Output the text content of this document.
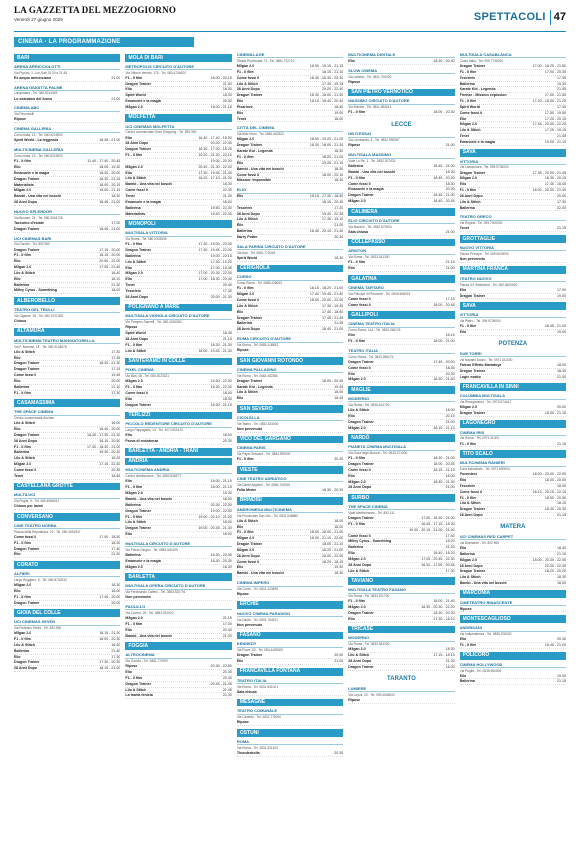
LA GAZZETTA DEL MEZZOGIORNO
Venerdì 27 giugno 2025	SPETTACOLI 47
CINEMA - LA PROGRAMMAZIONE
BARI
ARENA ARRICCIOLOTTI
Via Pupino, 1. Lun-Sab 20.00 e 21.45
Ex aequo annunciano	21.00
ARENA GIUDITTA PALME
Lungomare - Tel. 080.5214363
Lo scarabeo del fuoco	21.00
CINEMA ABC
Via Pavoncelli
Ripose
CINEMA GALLERIA
Corso Italia, 15 - Tel. 080.5216900
Spirit World - La leggenda	18.45 - 21.00
MULTICINEMA GALLERIA
Corso Italia, 15 - Tel. 080.5216900
F1 - Il film	11.40 - 17.40 - 20.45
Elio	18.05 - 19.30
Emanuele e la magia	18.30 - 20.00
Dragon Trainer	18.30 - 21.15
Materialists	18.00 - 20.15
M3gan 2.0	19.00 - 21.15
Bambi - Una vita nei boschi	18.30
28 Anni Dopo	18.45 - 21.00
NUOVO SPLENDOR
Via Buccari, 24 - Tel. 080.5016725
Taccuino d'estate	17.00
Dragon Trainer	18.45 - 21.00
UCI CINEMAS BARI
Via Gandhi - Tel. 892.960
Dragon Trainer	17.15 - 20.00
F1 - Il film	18.15 - 20.00
Elio	20.50 - 22.00
M3gan 2.0	17.05 - 21.45
Lilo & Stitch	16.40
Elio	18.10
Ballerina	21.30
Milley Cyrus - Something	18.00
ALBEROBELLO
TEATRO DEL TRULLI
Via Gigante, 18 - Tel. 080.9721362
Chiuso
ALTAMURA
MULTICINEMA TEATRO MANGIATORELLA
Via F. Manzari, 14 - Tel. 080.3148475
Lilo & Stitch	17.30
Elio	17.45
Dragon Trainer	18.30 - 21.30
Dragon Trainer	17.15
Come fossi lì	19.45
Elio	20.00
Ballerina	21.10
F1 - Il film	17.30
CASAMASSIMA
THE SPACE CINEMA
Centro commerciale Auchan
Lilo & Stitch	16.00
Elio	16.40 - 20.00
Dragon Trainer	18.45 - 17.30 - 21.30
28 Anni Dopo	18.15 - 20.50
F1 - Il film	17.30 - 18.30 - 21.00
Ballerina	19.30 - 20.30
Lilo & Stitch	16.25
M3gan 2.0	17.15 - 22.30
Come fossi lì	20.45
Tenet	18.45
CASTELLANA GROTTE
MULTILUCI
Via Puglia, 9 - Tel. 080.4968431
Chiuso per lavori
CONVERSANO
CINE TEATRO NORBA
Piazza della Repubblica, 29 - Tel. 080.4951947
Come fossi lì	17.00 - 18.50
F1 - Il film	18.30
Dragon Trainer	17.40
Elio	21.30
CORATO
ALFIERI
Largo Ruggiero, 8 - Tel. 080.8732534
M3gan 2.0	18.30
Elio	16.00
F1 - Il film	17.45 - 20.00
Dragon Trainer	20.00
GIOIA DEL COLLE
UCI CINEMAS SEVEN
Via Federico Fellini - Tel. 892.960
M3gan 2.0	18.15 - 21.30
F1 - Il film	18.00 - 20.30
Lilo & Stitch	16.30
Ballerina	21.40
Elio	17.30
Dragon Trainer	17.30 - 20.30
28 Anni Dopo	18.15 - 21.00
MOLA DI BARI
METROPOLIS CIRCUITO D'AUTORE
Via Vittorio Veneto, 176 - Tel. 080.4734620
F1 - Il film	18.00 - 20.15
Dragon Trainer	21.00
Elio	18.30
Spirit World	18.30
Emanuele e la magia	20.30
M3gan 2.0	18.00 - 21.15
MOLFETTA
UCI CINEMAS MOLFETTA
Centro commerciale Gran Shopping - Tel. 892.960
Elio	16.40 - 17.40 - 18.50
28 Anni Dopo	20.00 - 22.40
Dragon Trainer	16.30 - 17.00 - 18.25
F1 - Il film	19.20 - 21.30 - 22.10
19.00 - 20.30
M3gan 2.0	20.40 - 21.30 - 22.00
Elio	17.30 - 19.45 - 21.40
Lilo & Stitch	16.20 - 17.10 - 21.00
Bambi - Una vita nei boschi	18.30
Come fossi lì	22.30
Tenet	21.30
Emanuele e la magia	18.00
Ballerina	19.50 - 22.30
Materialists	19.40 - 22.30
MONOPOLI
MULTISALA VITTORIA
Via Roma - Tel. 080.9303535
F1 - Il film	17.30 - 19.00 - 20.00
Dragon Trainer	17.30 - 19.45 - 22.00
Ballerina	19.00 - 22.15
Lilo & Stitch	17.30 - 19.20
Elio	17.00 - 19.45
M3gan 2.0	17.00 - 20.30 - 22.00
Elio	17.00 - 18.30 - 20.40
Tenet	20.40
Tesoriele	17.30
28 Anni Dopo	20.00 - 21.30
POLIGNANO A MARE
MULTISALA VIGNOLA CIRCUITO D'AUTORE
Via Pompeo Sarnelli - Tel. 080.4240083
Ripose
Spirit World	18.45
28 Anni Dopo	21.15
F1 - Il film	18.30 - 21.30
Lilo & Stitch	18.00 - 19.45 - 21.30
SANTERAMO IN COLLE
PIXEL CINEMA
Via Bari, 48 - Tel. 080.3023321
M3gan 2.0	19.30 - 22.00
F1 - Il film	18.30 - 22.30
Come fossi lì	18.00
Elio	18.30
Dragon Trainer	18.30 - 21.15
TERLIZZI
PICCOLO REDENTORE CIRCUITO D'AUTORE
Largo Pappagallo, 13 - Tel. 347.0301670
Elio	18.00
Prova di resistenza	20.30
BARLETTA - ANDRIA - TRANI
ANDRIA
MULTICINEMA ANDRIA
Centro distribuzione - Tel. 0883.545577
Elio	18.00 - 21.15
F1 - Il film	18.00 - 21.15
M3gan 2.0	19.30
Bambi - Una vita nei boschi	18.30
Ballerina	20.30 - 22.30
Dragon Trainer	19.00 - 22.30
F1 - Il film	19.00 - 20.10 - 21.00
Lilo & Stitch	18.00
Dragon Trainer	19.00 - 20.45 - 21.30
Elio	18.00
MULTISALA CIRCUITO D'AUTORE
Via Flavio Giugno - Tel. 0883.540109
Ballerina	18.30 - 20.00
Emanuele e la magia	18.30 - 20.30
M3gan 2.0	18.30
BARLETTA
MULTISALA OPERA CIRCUITO D'AUTORE
Via Ferdinando Cafiero - Tel. 0883.520791
Non pervenuto
PAOLILLO
Via Cavour, 29 - Tel. 0883.531922
M3gan 2.0	21.15
F1 - Il film	17.00
Elio	20.30
Bambi - Una vita nei boschi	21.00
FOGGIA
ALTROCINEMA
Via Gorizia - Tel. 0881.779097
Ripose	20.30 - 22.50
Elio	20.30
F1 - Il film	20.30
Dragon Trainer	20.45 - 21.45
Lilo & Stitch	21.45
La trama fenicia	22.30
CINEMILLAGE
Strada Provinciale 73 - Tel. 0881.722710
M3gan 2.0	18.50 - 19.15 - 21.15
F1 - Il film	18.15 - 21.10
Come fossi lì	18.40 - 18.30 - 20.30
Lilo & Stitch	17.30 - 19.15
28 Anni Dopo	20.20 - 22.40
Dragon Trainer	18.30 - 18.00 - 21.30
Elio	18.15 - 18.40 - 20.40
Pixarlove	18.40
Elio	19.00
Tenet	18.00
CITTÀ DEL CINEMA
Via Aldo Moro - Tel. 0881.662523
M3gan 2.0	18.50 - 19.20 - 21.20
Dragon Trainer	18.30 - 18.00 - 21.30
Karate Kid - Legends	18.30
F1 - Il film	18.20 - 21.00
Elio	19.25 - 21.15
Bambi - Una vita nei boschi	18.30
Come fossi lì	18.00 - 20.15
Mission: Impossible	18.30
ELIO
Elio	18.15 - 17.30 - 18.40
18.15 - 20.45
Tesoriele	17.20
28 Anni Dopo	19.40 - 22.30
Lilo & Stitch	17.30 - 19.10
Elio	21.20
Ballerina	18.45 - 20.15 - 21.40
Harry Potter	20.30
SALA FARINA CIRCUITO D'AUTORE
Via Arpi - Tel. 0881.770048
Spirit World	18.30
CERIGNOLA
CORSO
Corso Roma - Tel. 0885.428003
F1 - Il film	18.15 - 18.20 - 21.00
M3gan 2.0	17.40 - 19.45 - 21.40
Come fossi lì	18.00 - 20.00 - 22.00
Lilo & Stitch	17.30 - 19.45
Elio	17.40 - 18.50
Dragon Trainer	17.45 - 21.45
Ballerina	21.45
28 Anni Dopo	18.40 - 21.00
ROMA CIRCUITO D'AUTORE
Via Roma - Tel. 0885.418553
Ripose
SAN GIOVANNI ROTONDO
CINEMA PALLADINO
Via Roma - Tel. 0882.452360
Dragon Trainer	18.00 - 20.45
Karate Kid - Legends	19.45
Lilo & Stitch	18.00
Elio	18.45
SAN SEVERO
CICOLELLA
Via Teatro - Tel. 0882.333000
Non pervenuto
VICO DEL GARGANO
CINEMA PARIS
Via Papa Giovanni - Tel. 0884.999000
F1 - Il film	20.30
VIESTE
CINE TEATRO ADRIATICO
Via Dante Alighieri - Tel. 0884.706915
Fella Meme	18.30 - 20.30
BRINDISI
ANDROMEDA MULTICINEMA
Via Provinciale San Vito - Tel. 0831.548880
Lilo & Stitch	18.00
Elio	18.20
F1 - Il film	18.00 - 18.00 - 21.00
M3gan 2.0	18.00 - 21.10 - 22.00
Dragon Trainer	18.00 - 21.10
M3gan 2.0	18.20 - 21.00
28 Anni Dopo	18.00 - 22.00
Come fossi lì	18.20 - 18.15
Elio	19.30
Bambi - Una vita nei boschi	18.30
CINEMA IMPERO
Via Conte - Tel. 0831.423899
Ripose
ERCHIE
NUOVO CINEMA PARADISO
Via Dante - Tel. 0831.764421
Non pervenuto
FASANO
KENNEDY
Via Piave, 20 - Tel. 080.4425063
Dragon Trainer	20.00
Elio	21.00
FRANCAVILLA FONTANA
TEATRO ITALIA
Via Roma - Tel. 0831.641001
Sala chiusa
MESAGNE
TEATRO COMUNALE
Via Castello - Tel. 0831.776000
Ripose
OSTUNI
ROMA
Via Roma - Tel. 0831.331400
Thunderbolts	20.30
MULTICINEMA DIGITALE
Elio	18.30 - 20.30
SLOW CINEMA
Via Latiano - Tel. 0831.700000
Ripose
SAN PIETRO VERNOTICO
MASSIMO CIRCUITO D'AUTORE
Via Brindisi - Tel. 0831.652814
F1 - Il film	18.00 - 20.30
LECCE
DB D'ESSAI
Via Lombardia, 8 - Tel. 0832.390557
Ripose	21.00
MULTISALA MASSIMO
Viale Lo Re, 1 - Tel. 0832.307433
Ballerina	18.45 - 21.00
Bambi - Una vita nei boschi	18.30
F1 - Il film	18.45 - 20.30
Come fossi lì	18.30
Emanuele e la magia	20.30
Dragon Trainer	18.45 - 21.00
M3gan 2.0	18.40 - 20.45
CALIMERA
ELIO CIRCUITO D'AUTORE
Via Mazzini - Tel. 0832.872004
Sala chiusa	21.00
COLLEPASSO
ARISTON
Via Roma - Tel. 0833.341300
F1 - Il film	21.15
Elio	21.00
GALATINA
CINEMA TARTARO
Via Principe di Piemonte - Tel. 0836.566023
Come fossi lì	17.15
Come fossi lì	18.00 - 20.45
GALLIPOLI
CINEMA TEATRO ITALIA
Corso Roma, 144 - Tel. 0833.266176
Elio	18.15
F1 - Il film	18.00 - 21.00
TEATRO ITALIA
Corso Roma - Tel. 0833.266176
Dragon Trainer	17.45 - 20.00
Come fossi lì	18.45
Elio	20.30
M3gan 2.0	18.30 - 21.40
MAGLIE
MODERNO
Via Roma - Tel. 0836.424700
Lilo & Stitch	18.00
Elio	20.15
Dragon Trainer	21.00
M3gan 2.0	18.15 - 21.15
NARDÒ
PIANETA CINEMA MULTISALA
Via Duca degli Abruzzi - Tel. 0833.571300
F1 - Il film	18.30 - 21.00
Dragon Trainer	18.00 - 20.45
Come fossi lì	18.15 - 21.15
Elio	18.00
M3gan 2.0	18.45 - 21.30
28 Anni Dopo	21.00
SURBO
THE SPACE CINEMA
Viale Mediterraneo - Tel. 892.111
Dragon Trainer	17.50 - 18.30 - 21.00
F1 - Il film	16.45 - 17.15 - 18.30
19.30 - 20.15 - 21.00 - 21.40
Come fossi lì	17.40
Milley Cyrus - Something	18.20
Ballerina	21.25
Elio	16.40 - 18.20
M3gan 2.0	17.05 - 20.45 - 22.30
28 Anni Dopo	16.20 - 17.55 - 20.55
Lilo & Stitch	17.30
TAVIANO
MULTISALA TEATRO FASANO
Via Roma - Tel. 0833.911700
F1 - Il film	18.00 - 21.40
M3gan 2.0	18.30 - 20.30 - 22.20
Dragon Trainer	18.30 - 20.30
Elio	17.30 - 18.10
TRICASE
MODERNO
Via Roma - Tel. 0833.544200
M3gan 2.0	18.30
Lilo & Stitch	17.15 - 18.15
28 Anni Dopo	21.30
Dragon Trainer	18.30
TARANTO
LUMIERE
Via Lupoli, 33 - Tel. 099.4536000
Ripose
MULTISALA CASABLANCA
Corso Italia - Tel. 099.7730000
Dragon Trainer	17.00 - 18.25 - 21.50
F1 - Il film	17.00 - 20.30
Tesoriele	17.35
Ballerina	19.30
Karate Kid - Legends	21.55
Firenze - Mission explosion	17.00 - 21.55
F1 - Il film	17.20 - 18.00 - 21.20
Spirit World	17.30
Come fossi lì	17.50 - 19.50
Elio	17.20 - 20.15
M3gan 2.0	17.45 - 20.00 - 22.20
Lilo & Stitch	17.25 - 19.15
Tenet	21.45
Emanuele e la magia	19.00 - 21.10
SAVA
VITTORIA
Via Lamarmora - Tel. 099.9726000
Dragon Trainer	17.45 - 20.00 - 21.45
M3gan 2.0	18.30 - 20.15
Elio	17.45 - 18.45
F1 - Il film	18.00 - 20.30 - 21.45
28 Anni Dopo	20.00
Lilo & Stitch	17.30
Ballerina	22.00
TEATRO GRECO
Via Regina - Tel. 099.7000000
Tenet	21.15
GROTTAGLIE
NUOVO VITTORIA
Piazza Principe - Tel. 099.5630000
Non pervenuto
MARTINA FRANCA
TEATRO NUOVO
Piazza XX Settembre - Tel. 080.4800000
Elio	17.00
Dragon Trainer	19.00
SAVA
VITTORIA
Via Pietro - Tel. 099.9726000
F1 - Il film	18.45 - 21.00
Elio	19.00
POTENZA
DUE TORRI
Via Nazario Sauro - Tel. 0971.411000
Falcon Effetto Mariatoya	18.00
Dragon Trainer	18.30
Logic esatto	21.00
FRANCAVILLA IN SINNI
COLUMBIA MULTISALA
Via Risorgimento - Tel. 0973.574447
M3gan 2.0	20.00
Dragon Trainer	18.00 - 21.15
LAGONEGRO
CINEMA IRIS
Via Roma - Tel. 0973.41000
F1 - Il film	21.15
TITO SCALO
MULTICINEMA RANIERI
Zona Industriale - Tel. 0971.650000
Ponentesi	18.00 - 20.00 - 22.00
Elio	18.00 - 20.00
Tesoriele	18.00
Come fossi lì	18.15 - 20.15 - 22.15
F1 - Il film	18.00 - 20.50
Lilo & Stitch	18.15
Dragon Trainer	18.30 - 20.30
28 Anni Dopo	21.15
MATERA
UCI CINEMAS RED CARPET
Via Bramante - Tel. 892.960
Elio	18.40
Ballerina	21.10
M3gan 2.0	18.00 - 20.30 - 22.00
28 Anni Dopo	20.30 - 22.30
Dragon Trainer	18.20 - 20.20
Lilo & Stitch	18.30
Bambi - Una vita nei boschi	18.00
MARCONIA
CINETEATRO RINASCENTE
Ripose
MONTESCAGLIOSO
ANDRISANI
Via Indipendenza - Tel. 0835.200000
Elio	20.30
F1 - Il film	18.45 - 21.00
POLICORO
CINEMA HOLLYWOOD
Via Puglia - Tel. 0835.980000
Elio	19.00
Ballerina	21.15
